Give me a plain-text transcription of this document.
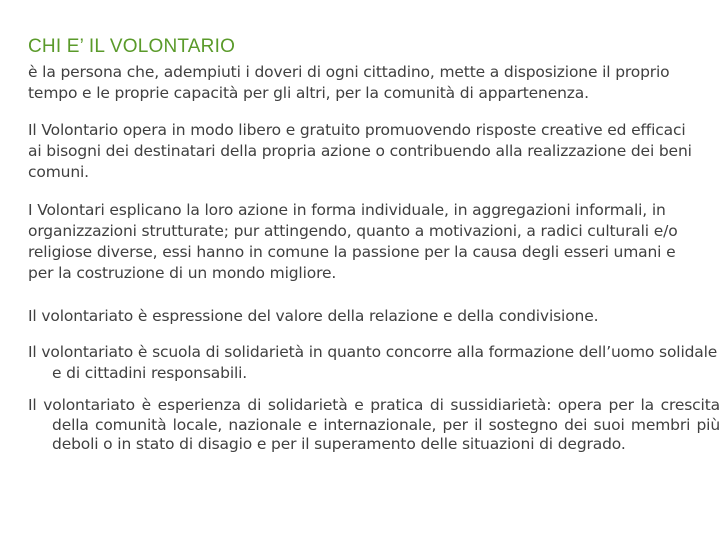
CHI E’ IL VOLONTARIO
è la persona che, adempiuti i doveri di ogni cittadino, mette a disposizione il proprio tempo e le proprie capacità per gli altri, per la comunità di appartenenza.
Il Volontario opera in modo libero e gratuito promuovendo risposte creative ed efficaci ai bisogni dei destinatari della propria azione o contribuendo alla realizzazione dei beni comuni.
I Volontari esplicano la loro azione in forma individuale, in aggregazioni informali, in organizzazioni strutturate; pur attingendo, quanto a motivazioni, a radici culturali e/o religiose diverse, essi hanno in comune la passione per la causa degli esseri umani e per la costruzione di un mondo migliore.
Il volontariato è espressione del valore della relazione e della condivisione.
Il volontariato è scuola di solidarietà in quanto concorre alla formazione dell’uomo solidale e di cittadini responsabili.
Il volontariato è esperienza di solidarietà e pratica di sussidiarietà: opera per la crescita della comunità locale, nazionale e internazionale, per il sostegno dei suoi membri più deboli o in stato di disagio e per il superamento delle situazioni di degrado.
